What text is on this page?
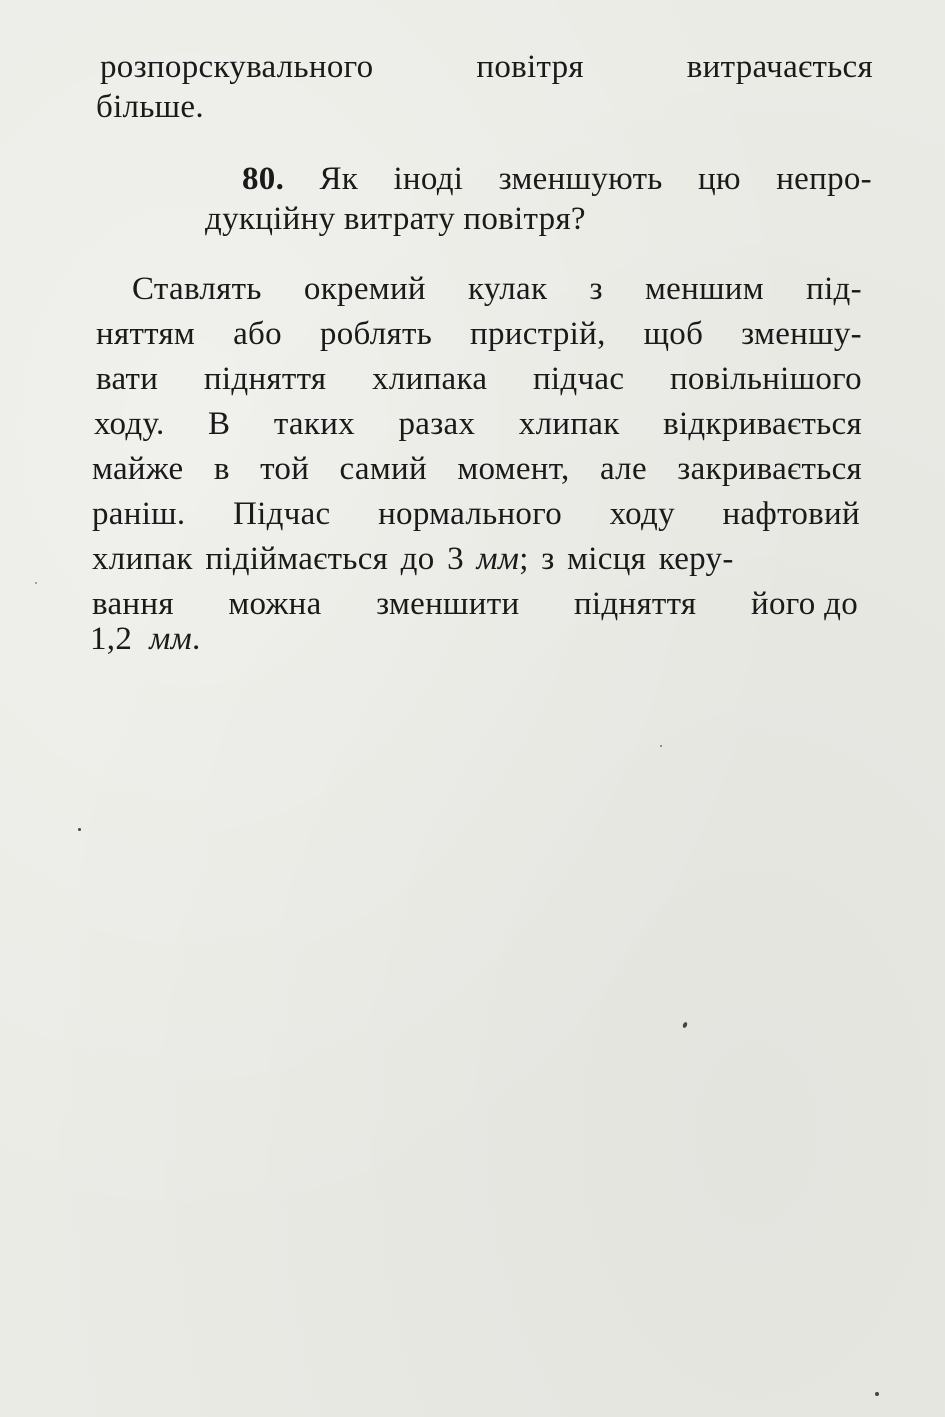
розпорскувального	повітря	витрачається
більше.
80. Як іноді зменшують цю непро-
дукційну витрату повітря?
Ставлять окремий кулак з меншим під-
няттям або роблять пристрій, щоб зменшу-
вати підняття хлипака підчас повільнішого
ходу. В таких разах хлипак відкривається
майже в той самий момент, але закривається
раніш. Підчас нормального ходу нафтовий
хлипак підіймається до 3 мм; з місця керу-
вання можна зменшити підняття його до
1,2 мм.
